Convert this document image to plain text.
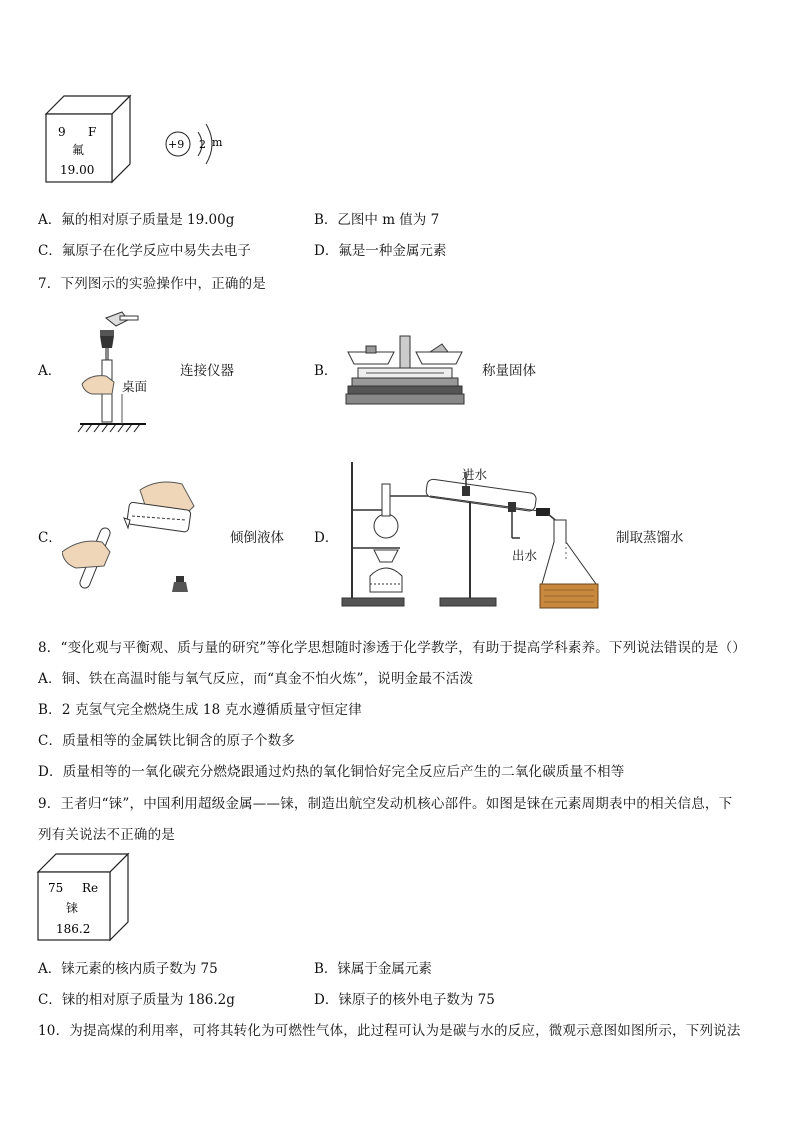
9 F
氟
19.00
+9 2 m
A．氟的相对原子质量是 19.00g	B．乙图中 m 值为 7
C．氟原子在化学反应中易失去电子	D．氟是一种金属元素
7．下列图示的实验操作中，正确的是
A．
桌面
连接仪器	B．	称量固体
C．	倾倒液体 D．
进水
出水
制取蒸馏水
8．“变化观与平衡观、质与量的研究”等化学思想随时渗透于化学教学，有助于提高学科素养。下列说法错误的是（）
A．铜、铁在高温时能与氧气反应，而“真金不怕火炼”，说明金最不活泼
B．2 克氢气完全燃烧生成 18 克水遵循质量守恒定律
C．质量相等的金属铁比铜含的原子个数多
D．质量相等的一氧化碳充分燃烧跟通过灼热的氧化铜恰好完全反应后产生的二氧化碳质量不相等
9．王者归“铼”，中国利用超级金属——铼，制造出航空发动机核心部件。如图是铼在元素周期表中的相关信息，下
列有关说法不正确的是
75 Re
铼
186.2
A．铼元素的核内质子数为 75	B．铼属于金属元素
C．铼的相对原子质量为 186.2g	D．铼原子的核外电子数为 75
10．为提高煤的利用率，可将其转化为可燃性气体，此过程可认为是碳与水的反应，微观示意图如图所示，下列说法
